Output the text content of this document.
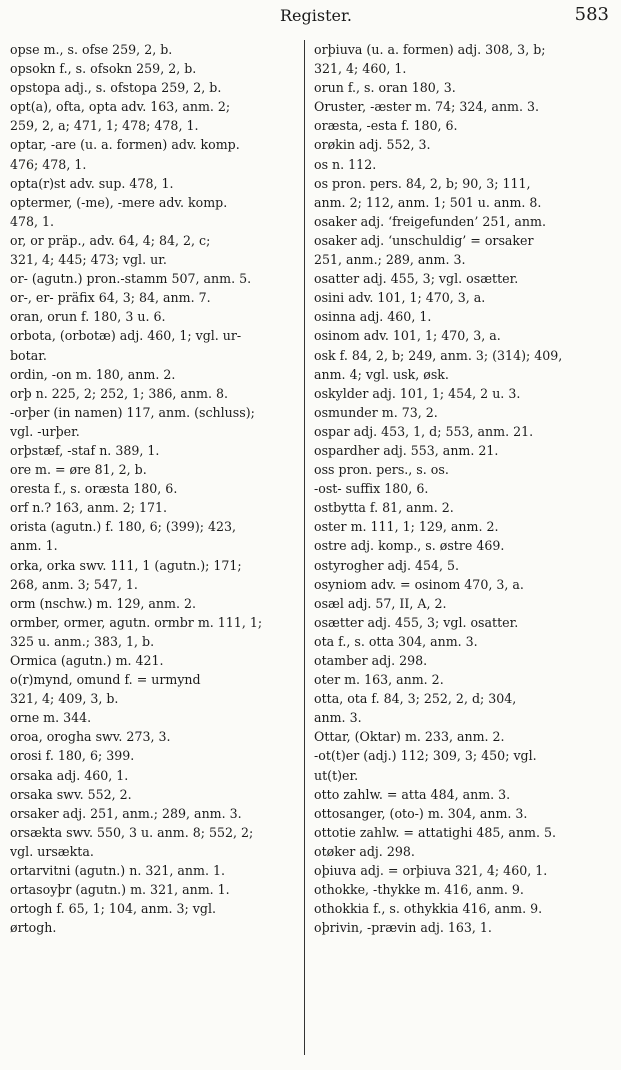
Register.	583

opse m., s. ofse 259, 2, b.

opsokn f., s. ofsokn 259, 2, b.

opstopa adj., s. ofstopa 259, 2, b.

opt(a), ofta, opta adv. 163, anm. 2;
259, 2, a; 471, 1; 478; 478, 1.

optar, -are (u. a. formen) adv. komp.
476; 478, 1.

opta(r)st adv. sup. 478, 1.

optermer, (-me), -mere adv. komp.
478, 1.

or, or präp., adv. 64, 4; 84, 2, c;
321, 4; 445; 473; vgl. ur.

or- (agutn.) pron.-stamm 507, anm. 5.

or-, er- präfix 64, 3; 84, anm. 7.

oran, orun f. 180, 3 u. 6.

orbota, (orbotæ) adj. 460, 1; vgl. ur-
botar.

ordin, -on m. 180, anm. 2.

orþ n. 225, 2; 252, 1; 386, anm. 8.

-orþer (in namen) 117, anm. (schluss);
vgl. -urþer.

orþstæf, -staf n. 389, 1.

ore m. = øre 81, 2, b.

oresta f., s. oræsta 180, 6.

orf n.? 163, anm. 2; 171.

orista (agutn.) f. 180, 6; (399); 423,
anm. 1.

orka, orka swv. 111, 1 (agutn.); 171;
268, anm. 3; 547, 1.

orm (nschw.) m. 129, anm. 2.

ormber, ormer, agutn. ormbr m. 111, 1;
325 u. anm.; 383, 1, b.

Ormica (agutn.) m. 421.

o(r)mynd, omund f. = urmynd
321, 4; 409, 3, b.

orne m. 344.

oroa, orogha swv. 273, 3.

orosi f. 180, 6; 399.

orsaka adj. 460, 1.

orsaka swv. 552, 2.

orsaker adj. 251, anm.; 289, anm. 3.

orsækta swv. 550, 3 u. anm. 8; 552, 2;
vgl. ursækta.

ortarvitni (agutn.) n. 321, anm. 1.

ortasoyþr (agutn.) m. 321, anm. 1.

ortogh f. 65, 1; 104, anm. 3; vgl.
ørtogh.

orþiuva (u. a. formen) adj. 308, 3, b;
321, 4; 460, 1.

orun f., s. oran 180, 3.

Oruster, -æster m. 74; 324, anm. 3.

oræsta, -esta f. 180, 6.

orøkin adj. 552, 3.

os n. 112.

os pron. pers. 84, 2, b; 90, 3; 111,
anm. 2; 112, anm. 1; 501 u. anm. 8.

osaker adj. ‘freigefunden’ 251, anm.

osaker adj. ‘unschuldig’ = orsaker
251, anm.; 289, anm. 3.

osatter adj. 455, 3; vgl. osætter.

osini adv. 101, 1; 470, 3, a.

osinna adj. 460, 1.

osinom adv. 101, 1; 470, 3, a.

osk f. 84, 2, b; 249, anm. 3; (314); 409,
anm. 4; vgl. usk, øsk.

oskylder adj. 101, 1; 454, 2 u. 3.

osmunder m. 73, 2.

ospar adj. 453, 1, d; 553, anm. 21.

ospardher adj. 553, anm. 21.

oss pron. pers., s. os.

-ost- suffix 180, 6.

ostbytta f. 81, anm. 2.

oster m. 111, 1; 129, anm. 2.

ostre adj. komp., s. østre 469.

ostyrogher adj. 454, 5.

osyniom adv. = osinom 470, 3, a.

osæl adj. 57, II, A, 2.

osætter adj. 455, 3; vgl. osatter.

ota f., s. otta 304, anm. 3.

otamber adj. 298.

oter m. 163, anm. 2.

otta, ota f. 84, 3; 252, 2, d; 304,
anm. 3.

Ottar, (Oktar) m. 233, anm. 2.

-ot(t)er (adj.) 112; 309, 3; 450; vgl.
ut(t)er.

otto zahlw. = atta 484, anm. 3.

ottosanger, (oto-) m. 304, anm. 3.

ottotie zahlw. = attatighi 485, anm. 5.

otøker adj. 298.

oþiuva adj. = orþiuva 321, 4; 460, 1.

othokke, -thykke m. 416, anm. 9.

othokkia f., s. othykkia 416, anm. 9.

oþrivin, -prævin adj. 163, 1.
